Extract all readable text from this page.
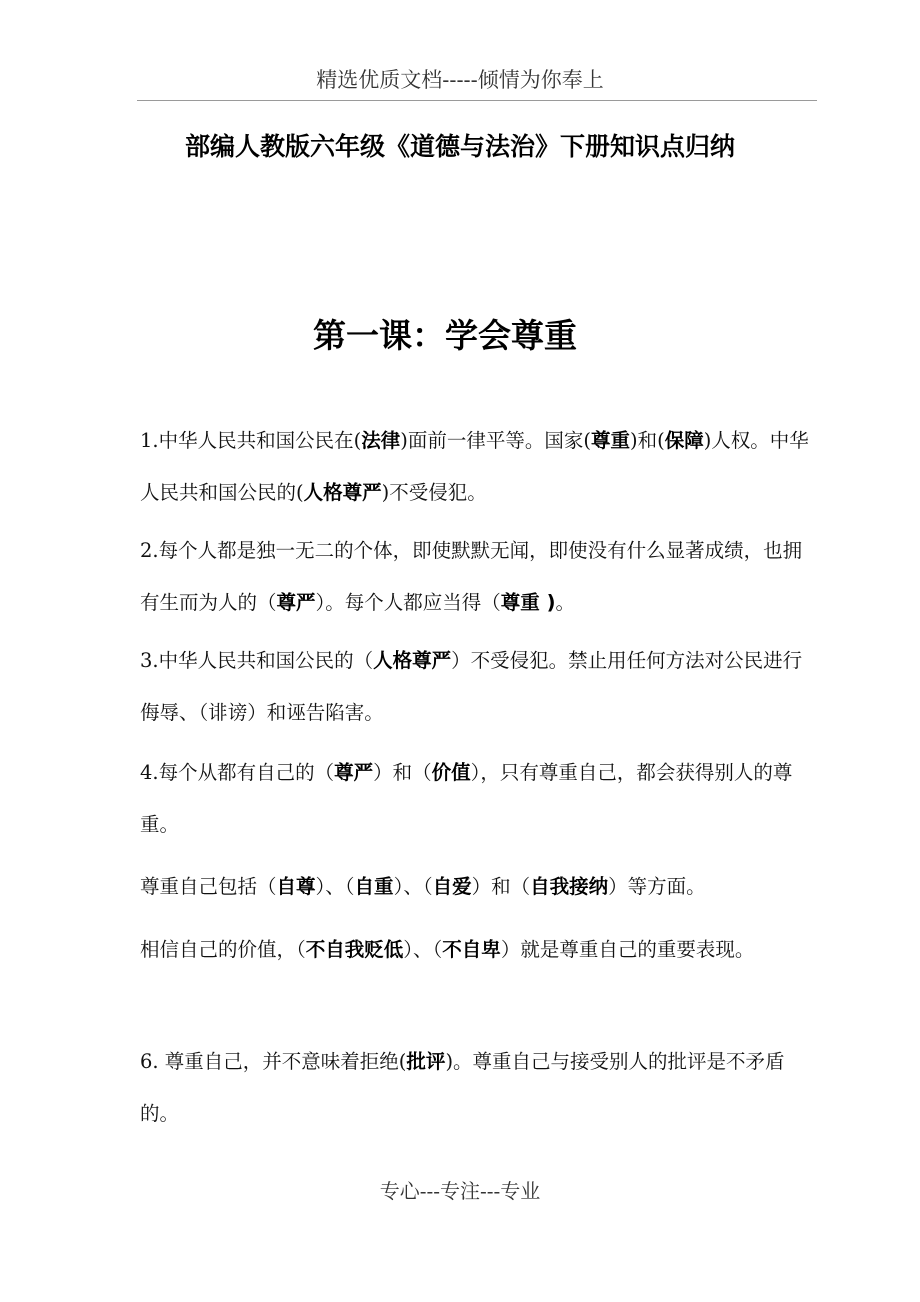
精选优质文档-----倾情为你奉上
部编人教版六年级《道德与法治》下册知识点归纳
第一课：学会尊重
1.中华人民共和国公民在(法律)面前一律平等。国家(尊重)和(保障)人权。中华人民共和国公民的(人格尊严)不受侵犯。
2.每个人都是独一无二的个体，即使默默无闻，即使没有什么显著成绩，也拥有生而为人的（尊严）。每个人都应当得（尊重 )。
3.中华人民共和国公民的（人格尊严）不受侵犯。禁止用任何方法对公民进行侮辱、（诽谤）和诬告陷害。
4.每个从都有自己的（尊严）和（价值），只有尊重自己，都会获得别人的尊重。
尊重自己包括（自尊）、（自重）、（自爱）和（自我接纳）等方面。
相信自己的价值，（不自我贬低）、（不自卑）就是尊重自己的重要表现。
6. 尊重自己，并不意味着拒绝(批评)。尊重自己与接受别人的批评是不矛盾的。
专心---专注---专业
